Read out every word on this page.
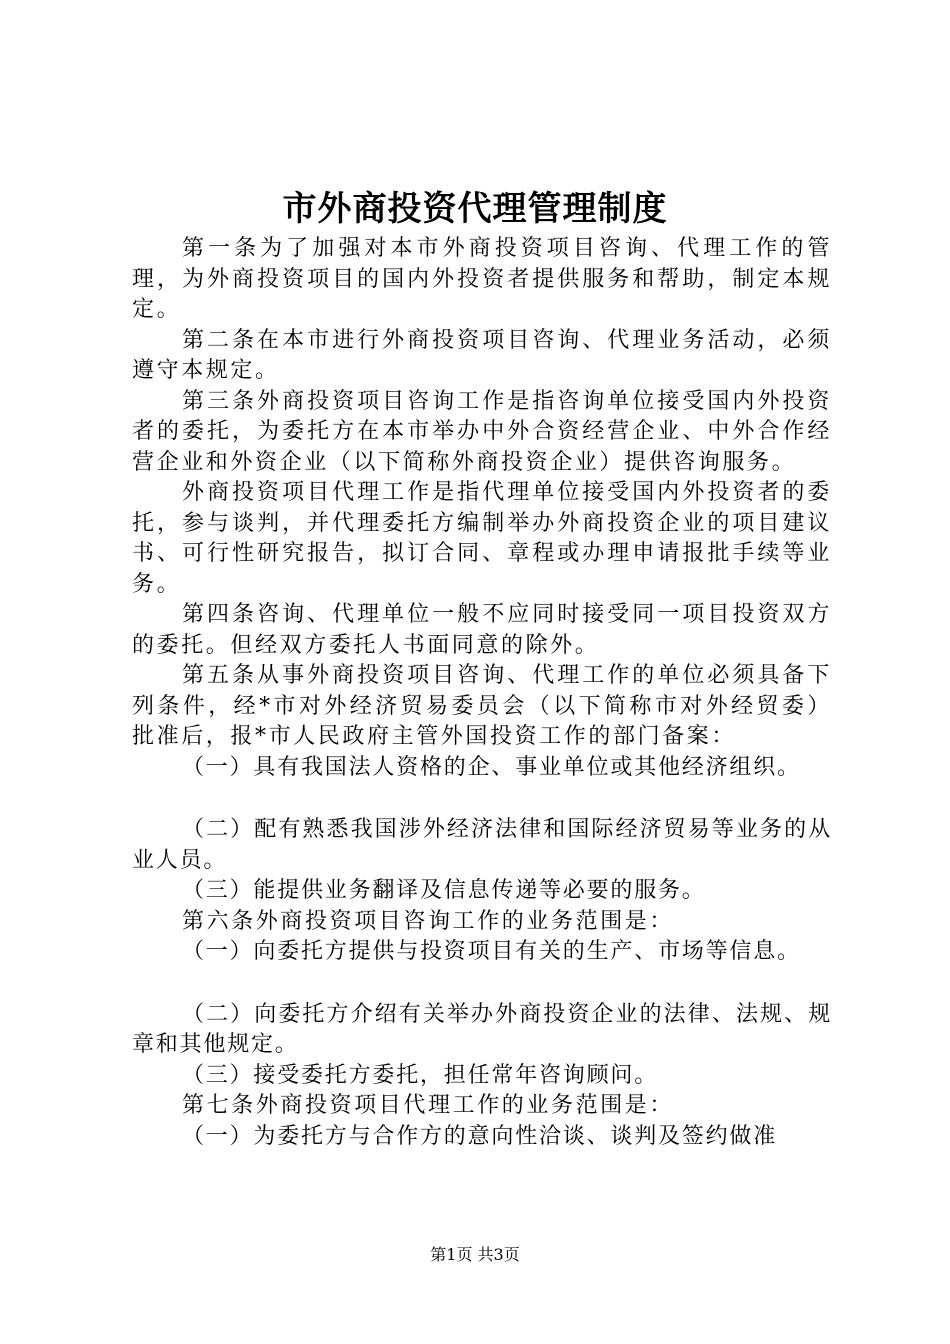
市外商投资代理管理制度

第一条为了加强对本市外商投资项目咨询、代理工作的管理，为外商投资项目的国内外投资者提供服务和帮助，制定本规定。

第二条在本市进行外商投资项目咨询、代理业务活动，必须遵守本规定。

第三条外商投资项目咨询工作是指咨询单位接受国内外投资者的委托，为委托方在本市举办中外合资经营企业、中外合作经营企业和外资企业（以下简称外商投资企业）提供咨询服务。

外商投资项目代理工作是指代理单位接受国内外投资者的委托，参与谈判，并代理委托方编制举办外商投资企业的项目建议书、可行性研究报告，拟订合同、章程或办理申请报批手续等业务。

第四条咨询、代理单位一般不应同时接受同一项目投资双方的委托。但经双方委托人书面同意的除外。

第五条从事外商投资项目咨询、代理工作的单位必须具备下列条件，经*市对外经济贸易委员会（以下简称市对外经贸委）批准后，报*市人民政府主管外国投资工作的部门备案：

（一）具有我国法人资格的企、事业单位或其他经济组织。

（二）配有熟悉我国涉外经济法律和国际经济贸易等业务的从业人员。

（三）能提供业务翻译及信息传递等必要的服务。

第六条外商投资项目咨询工作的业务范围是：

（一）向委托方提供与投资项目有关的生产、市场等信息。

（二）向委托方介绍有关举办外商投资企业的法律、法规、规章和其他规定。

（三）接受委托方委托，担任常年咨询顾问。

第七条外商投资项目代理工作的业务范围是：

（一）为委托方与合作方的意向性洽谈、谈判及签约做准

第1页 共3页
